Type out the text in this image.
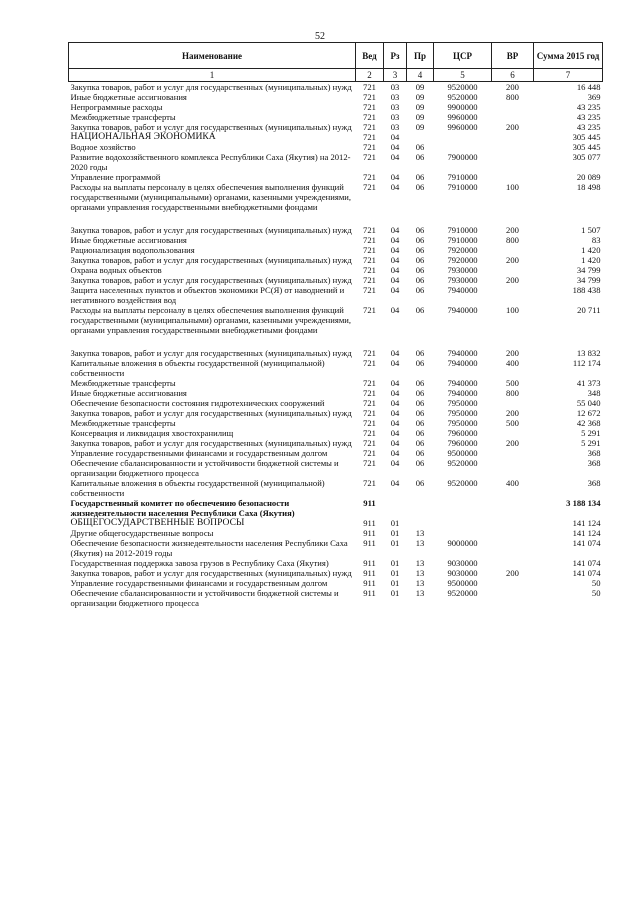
52
Наименование	Вед	Рз	Пр	ЦСР	ВР	Сумма 2015 год
1	2	3	4	5	6	7
Закупка товаров, работ и услуг для государственных (муниципальных) нужд	721	03	09	9520000	200	16 448
Иные бюджетные ассигнования	721	03	09	9520000	800	369
Непрограммные расходы	721	03	09	9900000		43 235
Межбюджетные трансферты	721	03	09	9960000		43 235
Закупка товаров, работ и услуг для государственных (муниципальных) нужд	721	03	09	9960000	200	43 235
НАЦИОНАЛЬНАЯ ЭКОНОМИКА	721	04				305 445
Водное хозяйство	721	04	06			305 445
Развитие водохозяйственного комплекса Республики Саха (Якутия) на 2012-2020 годы	721	04	06	7900000		305 077
Управление программой	721	04	06	7910000		20 089
Расходы на выплаты персоналу в целях обеспечения выполнения функций государственными (муниципальными) органами, казенными учреждениями, органами управления государственными внебюджетными фондами	721	04	06	7910000	100	18 498

Закупка товаров, работ и услуг для государственных (муниципальных) нужд	721	04	06	7910000	200	1 507
Иные бюджетные ассигнования	721	04	06	7910000	800	83
Рационализация водопользования	721	04	06	7920000		1 420
Закупка товаров, работ и услуг для государственных (муниципальных) нужд	721	04	06	7920000	200	1 420
Охрана водных объектов	721	04	06	7930000		34 799
Закупка товаров, работ и услуг для государственных (муниципальных) нужд	721	04	06	7930000	200	34 799
Защита населенных пунктов и объектов экономики РС(Я) от наводнений и негативного воздействия вод	721	04	06	7940000		188 438
Расходы на выплаты персоналу в целях обеспечения выполнения функций государственными (муниципальными) органами, казенными учреждениями, органами управления государственными внебюджетными фондами	721	04	06	7940000	100	20 711

Закупка товаров, работ и услуг для государственных (муниципальных) нужд	721	04	06	7940000	200	13 832
Капитальные вложения в объекты государственной (муниципальной) собственности	721	04	06	7940000	400	112 174
Межбюджетные трансферты	721	04	06	7940000	500	41 373
Иные бюджетные ассигнования	721	04	06	7940000	800	348
Обеспечение безопасности состояния гидротехнических сооружений	721	04	06	7950000		55 040
Закупка товаров, работ и услуг для государственных (муниципальных) нужд	721	04	06	7950000	200	12 672
Межбюджетные трансферты	721	04	06	7950000	500	42 368
Консервация и ликвидация хвостохранилищ	721	04	06	7960000		5 291
Закупка товаров, работ и услуг для государственных (муниципальных) нужд	721	04	06	7960000	200	5 291
Управление государственными финансами и государственным долгом	721	04	06	9500000		368
Обеспечение сбалансированности и устойчивости бюджетной системы и организации бюджетного процесса	721	04	06	9520000		368
Капитальные вложения в объекты государственной (муниципальной) собственности	721	04	06	9520000	400	368
Государственный комитет по обеспечению безопасности жизнедеятельности населения Республики Саха (Якутия)	911					3 188 134
ОБЩЕГОСУДАРСТВЕННЫЕ ВОПРОСЫ	911	01				141 124
Другие общегосударственные вопросы	911	01	13			141 124
Обеспечение безопасности жизнедеятельности населения Республики Саха (Якутия) на 2012-2019 годы	911	01	13	9000000		141 074
Государственная поддержка завоза грузов в Республику Саха (Якутия)	911	01	13	9030000		141 074
Закупка товаров, работ и услуг для государственных (муниципальных) нужд	911	01	13	9030000	200	141 074
Управление государственными финансами и государственным долгом	911	01	13	9500000		50
Обеспечение сбалансированности и устойчивости бюджетной системы и организации бюджетного процесса	911	01	13	9520000		50
